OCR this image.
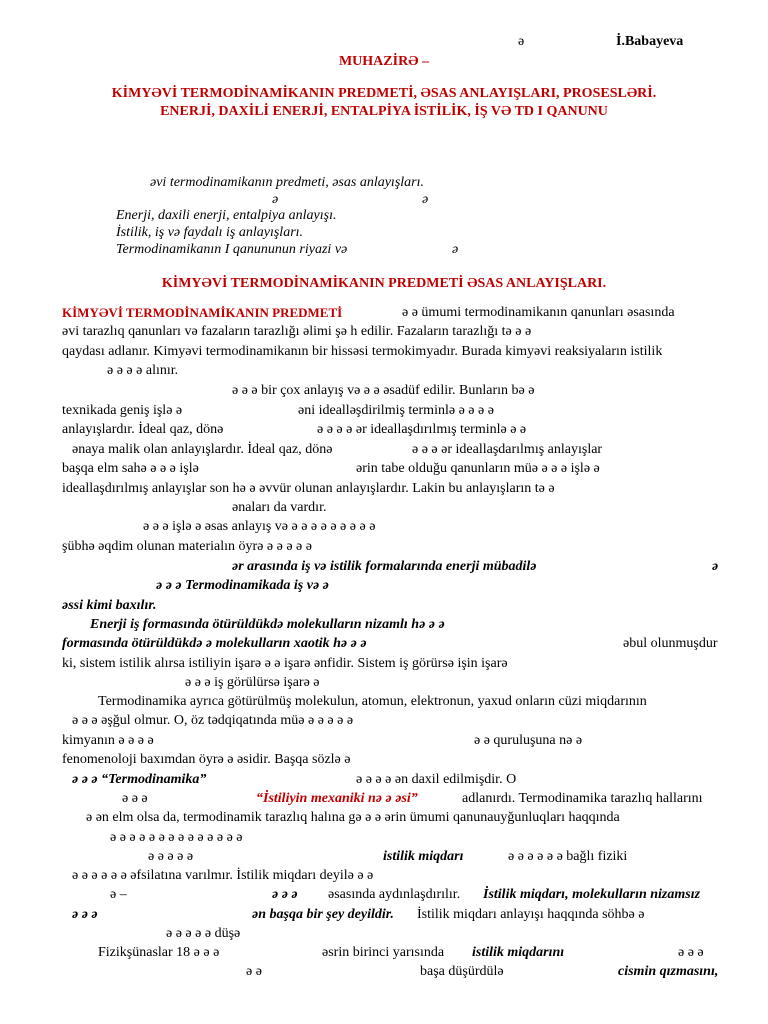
ə	İ.Babayeva
MUHAZİRƏ –
KİMYƏVİ TERMODİNAMİKANIN PREDMETİ, ƏSAS ANLAYIŞLARI, PROSESLƏRİ.
ENERJİ, DAXİLİ ENERJİ, ENTALPİYA İSTİLİK, İŞ VƏ TD I QANUNU
əvi termodinamikanın predmeti, əsas anlayışları.
ə	ə
Enerji, daxili enerji, entalpiya anlayışı.
İstilik, iş və faydalı iş anlayışları.
Termodinamikanın I qanununun riyazi və	ə
KİMYƏVİ TERMODİNAMİKANIN PREDMETİ ƏSAS ANLAYIŞLARI.
KİMYƏVİ TERMODİNAMİKANIN PREDMETİ	ə ə ümumi termodinamikanın qanunları əsasında
əvi tarazlıq qanunları və fazaların tarazlığı əlimi şə h edilir. Fazaların tarazlığı tə ə ə
qaydası adlanır. Kimyəvi termodinamikanın bir hissəsi termokimyadır. Burada kimyəvi reaksiyaların istilik
ə ə ə ə alınır.
ə ə ə bir çox anlayış və ə ə əsadüf edilir. Bunların bə ə
texnikada geniş işlə ə	əni idealləşdirilmiş terminlə ə ə ə ə
anlayışlardır. İdeal qaz, dönə	ə ə ə ə ər ideallaşdırılmış terminlə ə ə
ənaya malik olan anlayışlardır. İdeal qaz, dönə	ə ə ə ər ideallaşdarılmış anlayışlar
başqa elm sahə ə ə ə işlə	ərin tabe olduğu qanunların müə ə ə ə işlə ə
ideallaşdırılmış anlayışlar son hə ə əvvür olunan anlayışlardır. Lakin bu anlayışların tə ə
ənaları da vardır.
ə ə ə işlə ə əsas anlayış və ə ə ə ə ə ə ə ə ə
şübhə əqdim olunan materialın öyrə ə ə ə ə ə
ər arasında iş və istilik formalarında enerji mübadilə	ə
ə ə ə Termodinamikada iş və ə
əssi kimi baxılır.
Enerji iş formasında ötürüldükdə molekulların nizamlı hə ə ə
formasında ötürüldükdə ə molekulların xaotik hə ə ə	əbul olunmuşdur
ki, sistem istilik alırsa istiliyin işarə ə ə işarə ənfidir. Sistem iş görürsə işin işarə
ə ə ə iş görülürsə işarə ə
Termodinamika ayrıca götürülmüş molekulun, atomun, elektronun, yaxud onların cüzi miqdarının
ə ə ə əşğul olmur. O, öz tədqiqatında müə ə ə ə ə ə
kimyanın ə ə ə ə	ə ə quruluşuna nə ə
fenomenoloji baxımdan öyrə ə əsidir. Başqa sözlə ə
ə ə ə “Termodinamika”	ə ə ə ə ən daxil edilmişdir. O
ə ə ə	“İstiliyin mexaniki nə ə əsi”	adlanırdı. Termodinamika tarazlıq hallarını
ə ən elm olsa da, termodinamik tarazlıq halına gə ə ə ərin ümumi qanunauyğunluqları haqqında
ə ə ə ə ə ə ə ə ə ə ə ə ə ə
ə ə ə ə ə	istilik miqdarı	ə ə ə ə ə ə bağlı fiziki
ə ə ə ə ə ə əfsilatına varılmır. İstilik miqdarı deyilə ə ə
ə –	ə ə ə əsasında aydınlaşdırılır. İstilik miqdarı, molekulların nizamsız
ə ə ə	ən başqa bir şey deyildir. İstilik miqdarı anlayışı haqqında söhbə ə
ə ə ə ə ə düşə
Fizikşünaslar 18 ə ə ə	əsrin birinci yarısında istilik miqdarını	ə ə ə
ə ə	başa düşürdülə	cismin qızmasını,
